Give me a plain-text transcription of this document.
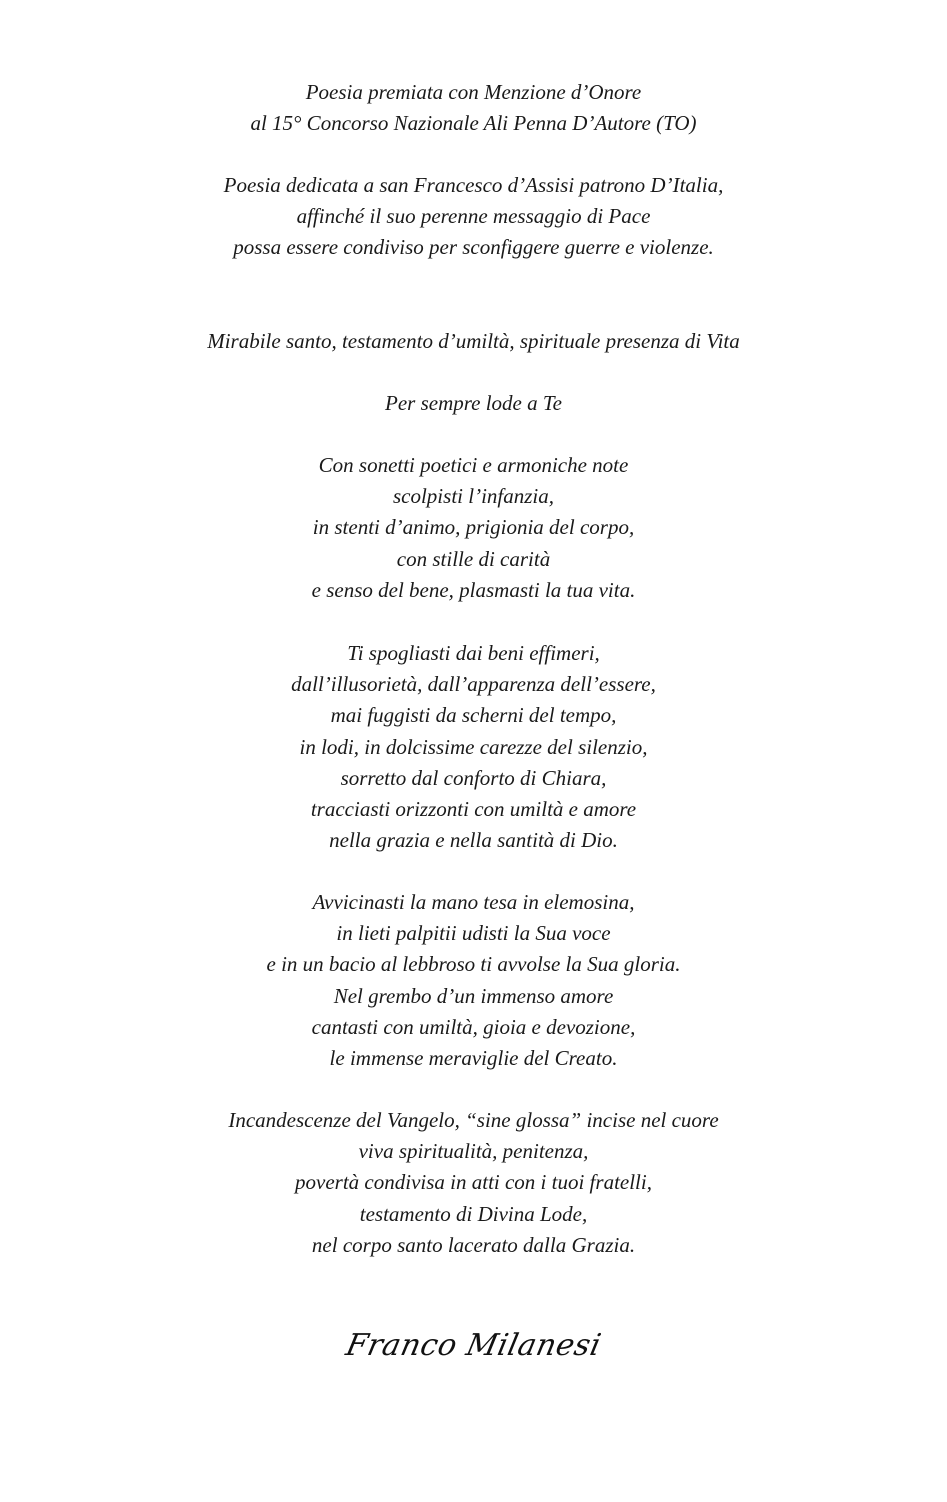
Poesia premiata con Menzione d’Onore
al 15° Concorso Nazionale Ali Penna D’Autore (TO)
Poesia dedicata a san Francesco d’Assisi patrono D’Italia,
affinché il suo perenne messaggio di Pace
possa essere condiviso per sconfiggere guerre e violenze.
Mirabile santo, testamento d’umiltà, spirituale presenza di Vita
Per sempre lode a Te
Con sonetti poetici e armoniche note
scolpisti l’infanzia,
in stenti d’animo, prigionia del corpo,
con stille di carità
e senso del bene, plasmasti la tua vita.
Ti spogliasti dai beni effimeri,
dall’illusorietà, dall’apparenza dell’essere,
mai fuggisti da scherni del tempo,
in lodi, in dolcissime carezze del silenzio,
sorretto dal conforto di Chiara,
tracciasti orizzonti con umiltà e amore
nella grazia e nella santità di Dio.
Avvicinasti la mano tesa in elemosina,
in lieti palpitii udisti la Sua voce
e in un bacio al lebbroso ti avvolse la Sua gloria.
Nel grembo d’un immenso amore
cantasti con umiltà, gioia e devozione,
le immense meraviglie del Creato.
Incandescenze del Vangelo, “sine glossa” incise nel cuore
viva spiritualità, penitenza,
povertà condivisa in atti con i tuoi fratelli,
testamento di Divina Lode,
nel corpo santo lacerato dalla Grazia.
Franco Milanesi
